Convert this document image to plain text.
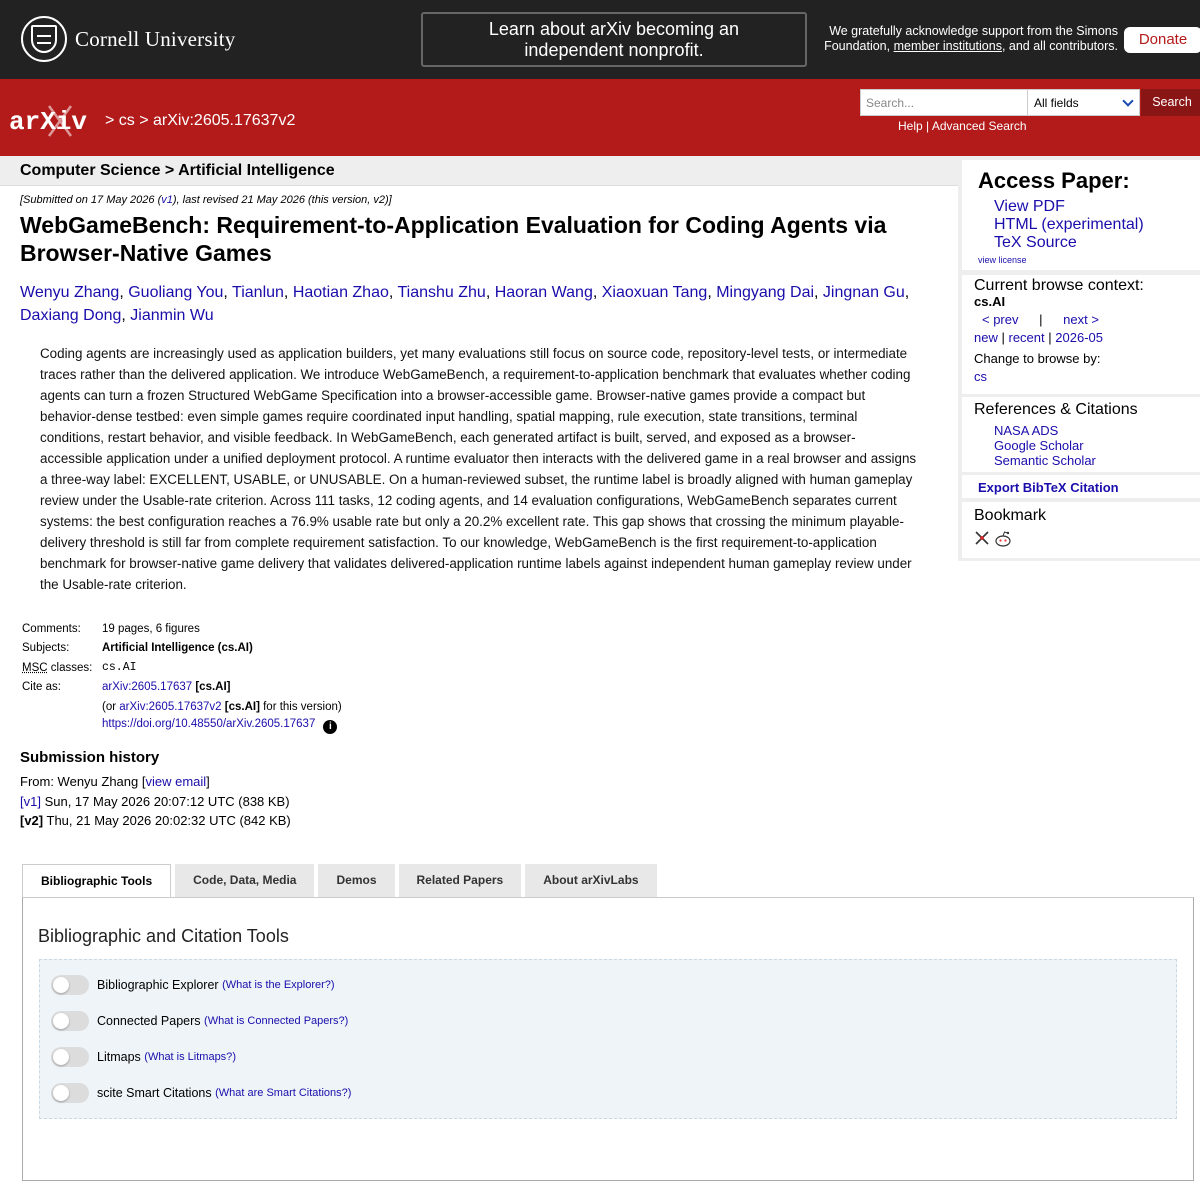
Cornell University	Learn about arXiv becoming an
independent nonprofit.
We gratefully acknowledge support from the Simons
Foundation, member institutions, and all contributors.	Donate
arXiv > cs > arXiv:2605.17637v2
Search...	All fields	Search
Help | Advanced Search
Computer Science > Artificial Intelligence
[Submitted on 17 May 2026 (v1), last revised 21 May 2026 (this version, v2)]
WebGameBench: Requirement-to-Application Evaluation for Coding Agents via Browser-Native Games
Wenyu Zhang, Guoliang You, Tianlun, Haotian Zhao, Tianshu Zhu, Haoran Wang, Xiaoxuan Tang, Mingyang Dai, Jingnan Gu, Daxiang Dong, Jianmin Wu
Coding agents are increasingly used as application builders, yet many evaluations still focus on source code, repository-level tests, or intermediate traces rather than the delivered application. We introduce WebGameBench, a requirement-to-application benchmark that evaluates whether coding agents can turn a frozen Structured WebGame Specification into a browser-accessible game. Browser-native games provide a compact but behavior-dense testbed: even simple games require coordinated input handling, spatial mapping, rule execution, state transitions, terminal conditions, restart behavior, and visible feedback. In WebGameBench, each generated artifact is built, served, and exposed as a browser-accessible application under a unified deployment protocol. A runtime evaluator then interacts with the delivered game in a real browser and assigns a three-way label: EXCELLENT, USABLE, or UNUSABLE. On a human-reviewed subset, the runtime label is broadly aligned with human gameplay review under the Usable-rate criterion. Across 111 tasks, 12 coding agents, and 14 evaluation configurations, WebGameBench separates current systems: the best configuration reaches a 76.9% usable rate but only a 20.2% excellent rate. This gap shows that crossing the minimum playable-delivery threshold is still far from complete requirement satisfaction. To our knowledge, WebGameBench is the first requirement-to-application benchmark for browser-native game delivery that validates delivered-application runtime labels against independent human gameplay review under the Usable-rate criterion.
Comments:	19 pages, 6 figures
Subjects:	Artificial Intelligence (cs.AI)
MSC classes: cs.AI
Cite as:	arXiv:2605.17637 [cs.AI]
(or arXiv:2605.17637v2 [cs.AI] for this version)
https://doi.org/10.48550/arXiv.2605.17637 i
Submission history
From: Wenyu Zhang [view email]
[v1] Sun, 17 May 2026 20:07:12 UTC (838 KB)
[v2] Thu, 21 May 2026 20:02:32 UTC (842 KB)
Access Paper:
View PDF
HTML (experimental)
TeX Source
view license
Current browse context:
cs.AI
< prev | next >
new | recent | 2026-05
Change to browse by:
cs
References & Citations
NASA ADS
Google Scholar
Semantic Scholar
Export BibTeX Citation
Bookmark
Bibliographic Tools	Code, Data, Media	Demos	Related Papers	About arXivLabs
Bibliographic and Citation Tools
Bibliographic Explorer
(What is the Explorer?)
Connected Papers
(What is Connected Papers?)
Litmaps
(What is Litmaps?)
scite Smart Citations
(What are Smart Citations?)
